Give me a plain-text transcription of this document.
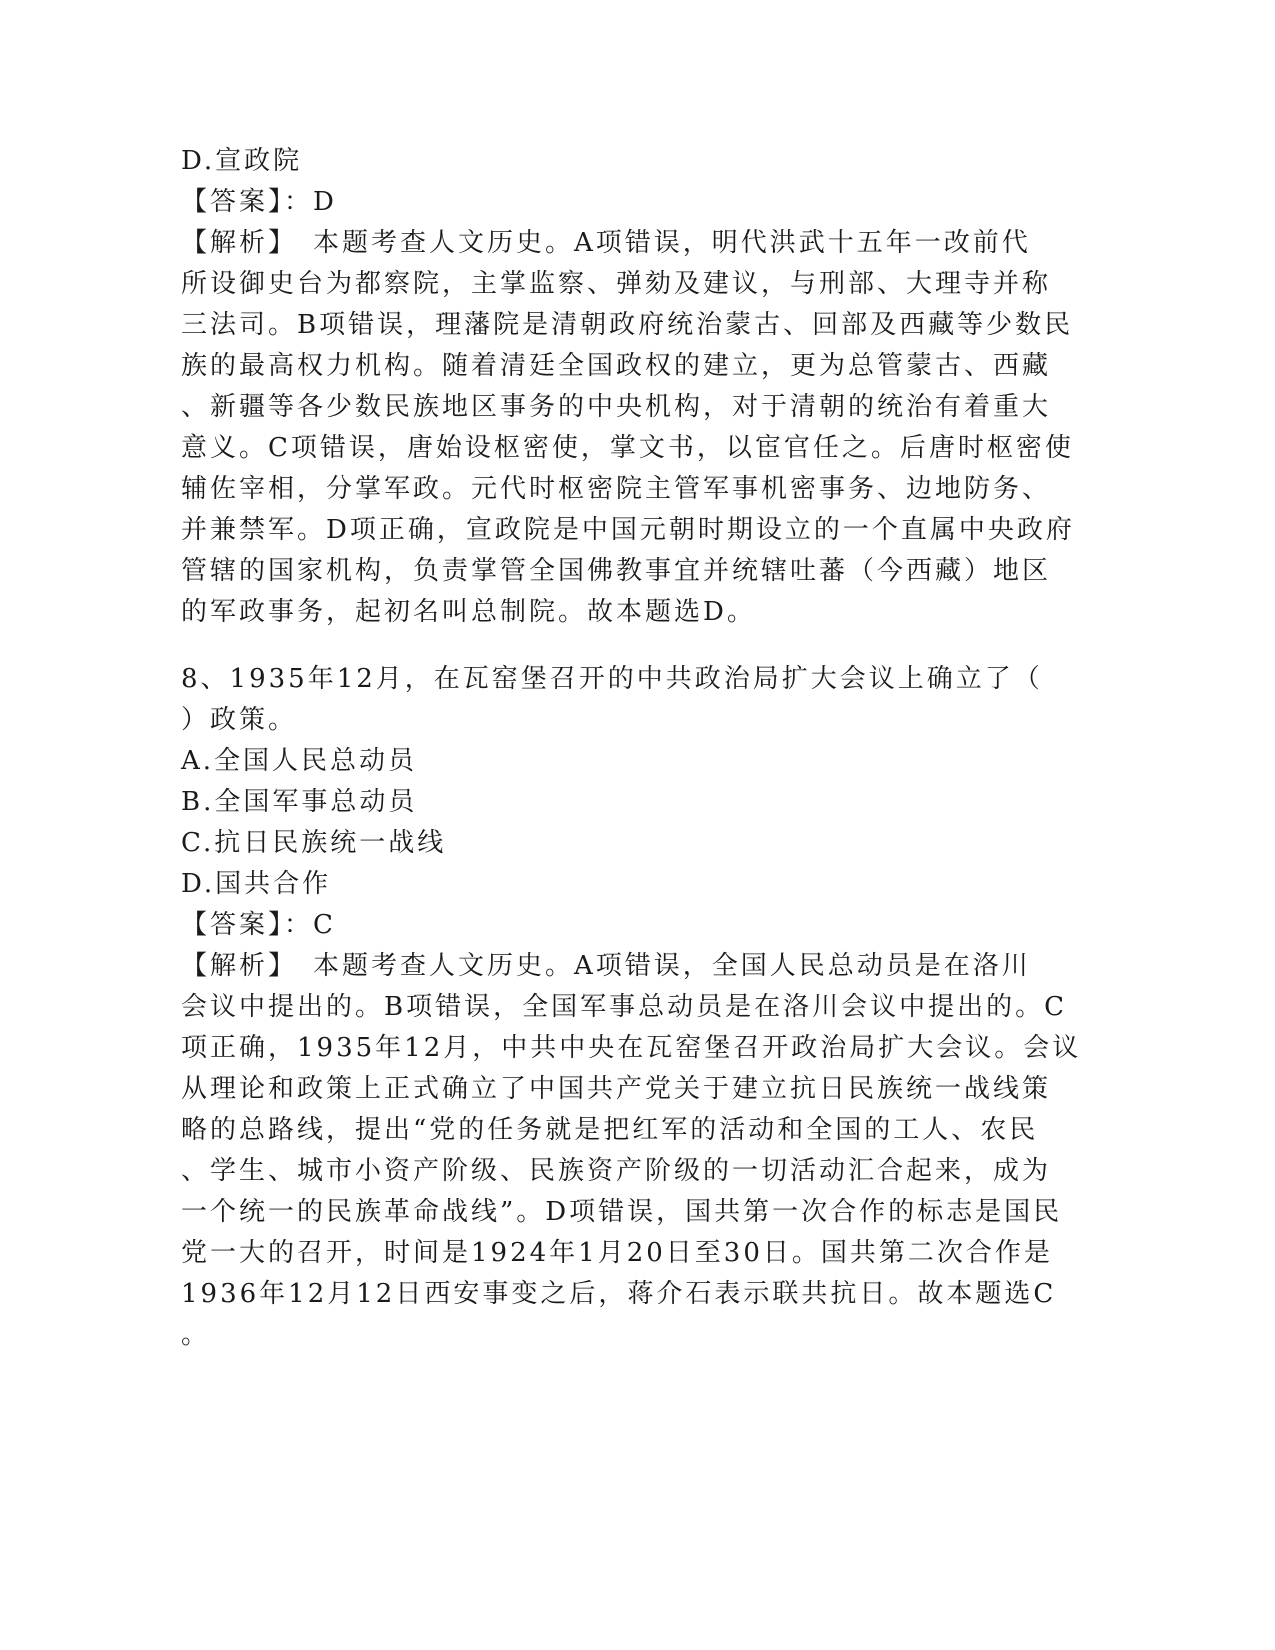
D.宣政院
【答案】：D
【解析】　本题考查人文历史。A项错误，明代洪武十五年一改前代
所设御史台为都察院，主掌监察、弹劾及建议，与刑部、大理寺并称
三法司。B项错误，理藩院是清朝政府统治蒙古、回部及西藏等少数民
族的最高权力机构。随着清廷全国政权的建立，更为总管蒙古、西藏
、新疆等各少数民族地区事务的中央机构，对于清朝的统治有着重大
意义。C项错误，唐始设枢密使，掌文书，以宦官任之。后唐时枢密使
辅佐宰相，分掌军政。元代时枢密院主管军事机密事务、边地防务、
并兼禁军。D项正确，宣政院是中国元朝时期设立的一个直属中央政府
管辖的国家机构，负责掌管全国佛教事宜并统辖吐蕃（今西藏）地区
的军政事务，起初名叫总制院。故本题选D。
8、1935年12月，在瓦窑堡召开的中共政治局扩大会议上确立了（
）政策。
A.全国人民总动员
B.全国军事总动员
C.抗日民族统一战线
D.国共合作
【答案】：C
【解析】　本题考查人文历史。A项错误，全国人民总动员是在洛川
会议中提出的。B项错误，全国军事总动员是在洛川会议中提出的。C
项正确，1935年12月，中共中央在瓦窑堡召开政治局扩大会议。会议
从理论和政策上正式确立了中国共产党关于建立抗日民族统一战线策
略的总路线，提出“党的任务就是把红军的活动和全国的工人、农民
、学生、城市小资产阶级、民族资产阶级的一切活动汇合起来，成为
一个统一的民族革命战线”。D项错误，国共第一次合作的标志是国民
党一大的召开，时间是1924年1月20日至30日。国共第二次合作是
1936年12月12日西安事变之后，蒋介石表示联共抗日。故本题选C
。
